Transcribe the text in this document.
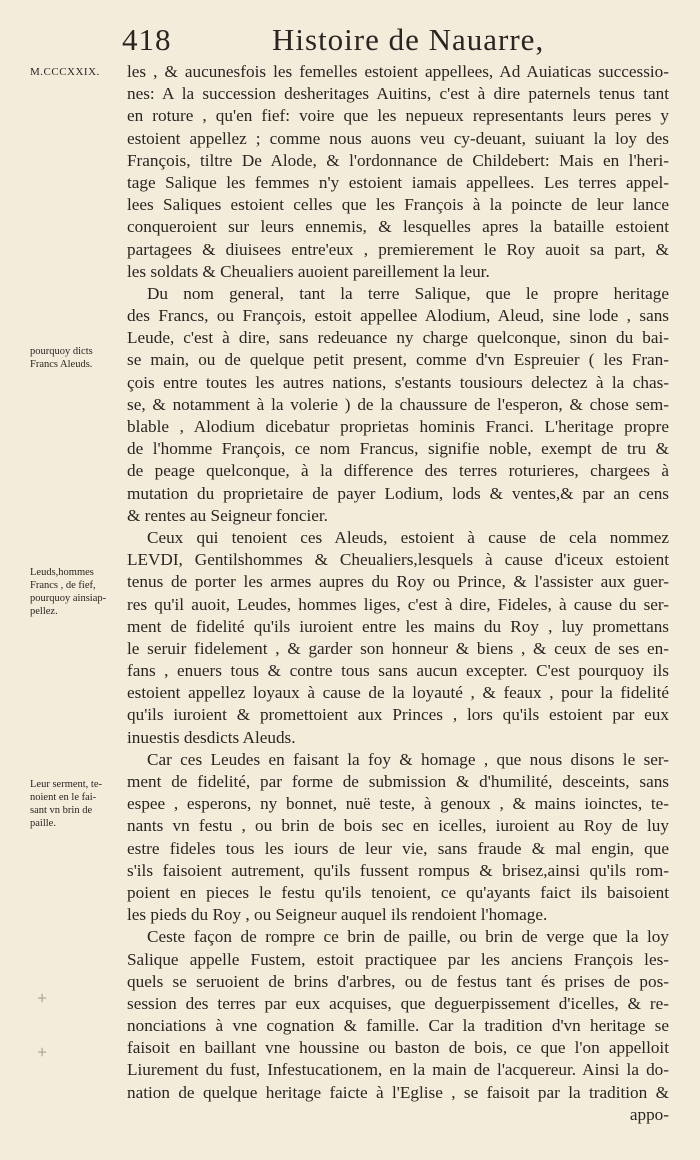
418	Histoire de Nauarre,
M.CCCXXIX.
pourquoy dicts
Francs Aleuds.
Leuds,hommes
Francs , de fief,
pourquoy ainsiap-
pellez.
Leur serment, te-
noient en le fai-
sant vn brin de
paille.
+
+
les , & aucunesfois les femelles estoient appellees, Ad Auiaticas successio-
nes: A la succession desheritages Auitins, c'est à dire paternels tenus tant
en roture , qu'en fief: voire que les nepueux representants leurs peres y
estoient appellez ; comme nous auons veu cy-deuant, suiuant la loy des
François, tiltre De Alode, & l'ordonnance de Childebert: Mais en l'heri-
tage Salique les femmes n'y estoient iamais appellees. Les terres appel-
lees Saliques estoient celles que les François à la poincte de leur lance
conqueroient sur leurs ennemis, & lesquelles apres la bataille estoient
partagees & diuisees entre'eux , premierement le Roy auoit sa part, &
les soldats & Cheualiers auoient pareillement la leur.
Du nom general, tant la terre Salique, que le propre heritage
des Francs, ou François, estoit appellee Alodium, Aleud, sine lode , sans
Leude, c'est à dire, sans redeuance ny charge quelconque, sinon du bai-
se main, ou de quelque petit present, comme d'vn Espreuier ( les Fran-
çois entre toutes les autres nations, s'estants tousiours delectez à la chas-
se, & notamment à la volerie ) de la chaussure de l'esperon, & chose sem-
blable , Alodium dicebatur proprietas hominis Franci. L'heritage propre
de l'homme François, ce nom Francus, signifie noble, exempt de tru &
de peage quelconque, à la difference des terres roturieres, chargees à
mutation du proprietaire de payer Lodium, lods & ventes,& par an cens
& rentes au Seigneur foncier.
Ceux qui tenoient ces Aleuds, estoient à cause de cela nommez
LEVDI, Gentilshommes & Cheualiers,lesquels à cause d'iceux estoient
tenus de porter les armes aupres du Roy ou Prince, & l'assister aux guer-
res qu'il auoit, Leudes, hommes liges, c'est à dire, Fideles, à cause du ser-
ment de fidelité qu'ils iuroient entre les mains du Roy , luy promettans
le seruir fidelement , & garder son honneur & biens , & ceux de ses en-
fans , enuers tous & contre tous sans aucun excepter. C'est pourquoy ils
estoient appellez loyaux à cause de la loyauté , & feaux , pour la fidelité
qu'ils iuroient & promettoient aux Princes , lors qu'ils estoient par eux
inuestis desdicts Aleuds.
Car ces Leudes en faisant la foy & homage , que nous disons le ser-
ment de fidelité, par forme de submission & d'humilité, desceints, sans
espee , esperons, ny bonnet, nuë teste, à genoux , & mains ioinctes, te-
nants vn festu , ou brin de bois sec en icelles, iuroient au Roy de luy
estre fideles tous les iours de leur vie, sans fraude & mal engin, que
s'ils faisoient autrement, qu'ils fussent rompus & brisez,ainsi qu'ils rom-
poient en pieces le festu qu'ils tenoient, ce qu'ayants faict ils baisoient
les pieds du Roy , ou Seigneur auquel ils rendoient l'homage.
Ceste façon de rompre ce brin de paille, ou brin de verge que la loy
Salique appelle Fustem, estoit practiquee par les anciens François les-
quels se seruoient de brins d'arbres, ou de festus tant és prises de pos-
session des terres par eux acquises, que deguerpissement d'icelles, & re-
nonciations à vne cognation & famille. Car la tradition d'vn heritage se
faisoit en baillant vne houssine ou baston de bois, ce que l'on appelloit
Liurement du fust, Infestucationem, en la main de l'acquereur. Ainsi la do-
nation de quelque heritage faicte à l'Eglise , se faisoit par la tradition &
appo-
